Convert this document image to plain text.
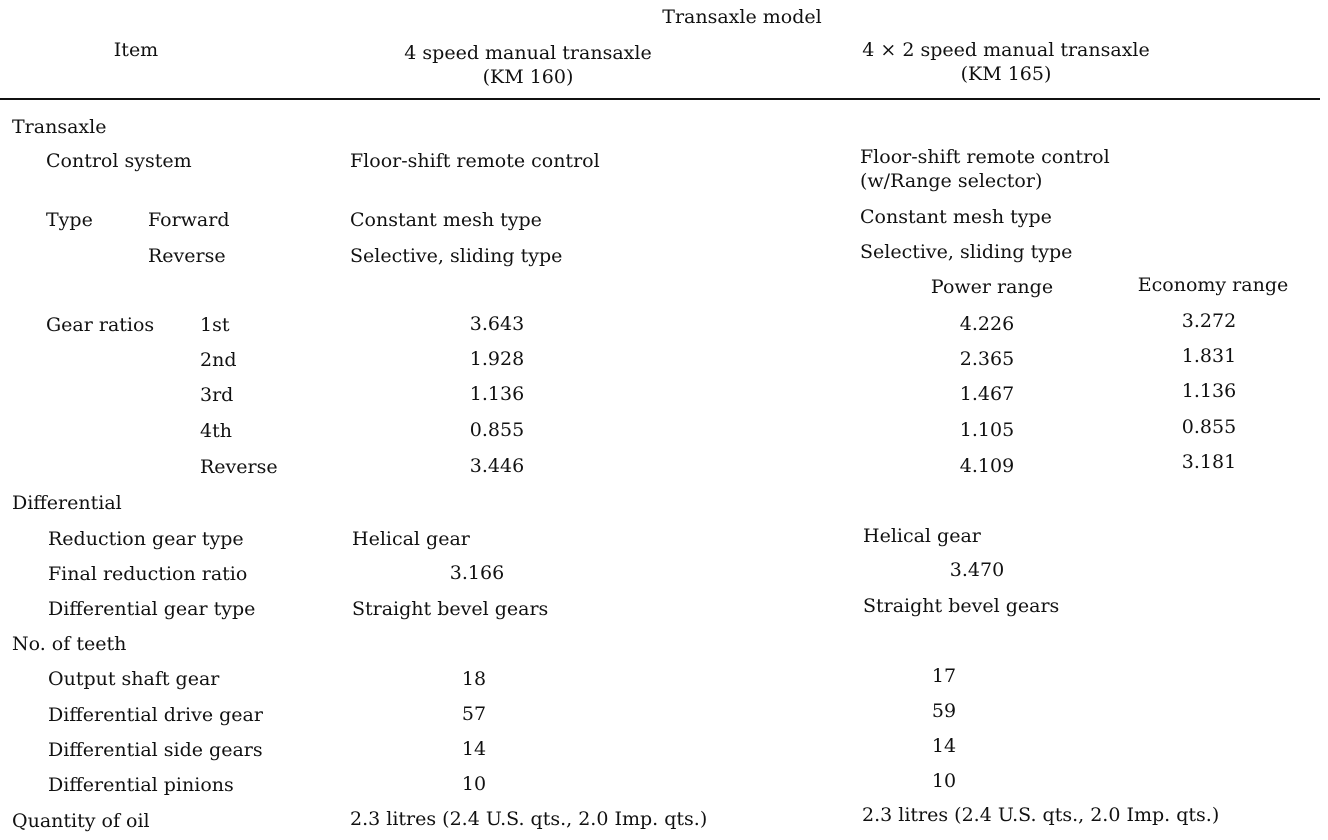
Transaxle model
Item	4 speed manual transaxle
(KM 160)
4 × 2 speed manual transaxle
(KM 165)
Transaxle
Control system	Floor-shift remote control	Floor-shift remote control
(w/Range selector)
Type	Forward	Constant mesh type	Constant mesh type
Reverse	Selective, sliding type	Selective, sliding type
Power range	Economy range
Gear ratios 1st	3.643	4.226	3.272
2nd	1.928	2.365	1.831
3rd	1.136	1.467	1.136
4th	0.855	1.105	0.855
Reverse	3.446	4.109	3.181
Differential
Reduction gear type	Helical gear	Helical gear
Final reduction ratio	3.166	3.470
Differential gear type	Straight bevel gears	Straight bevel gears
No. of teeth
Output shaft gear	18	17
Differential drive gear	57	59
Differential side gears	14	14
Differential pinions	10	10
Quantity of oil	2.3 litres (2.4 U.S. qts., 2.0 Imp. qts.)	2.3 litres (2.4 U.S. qts., 2.0 Imp. qts.)
